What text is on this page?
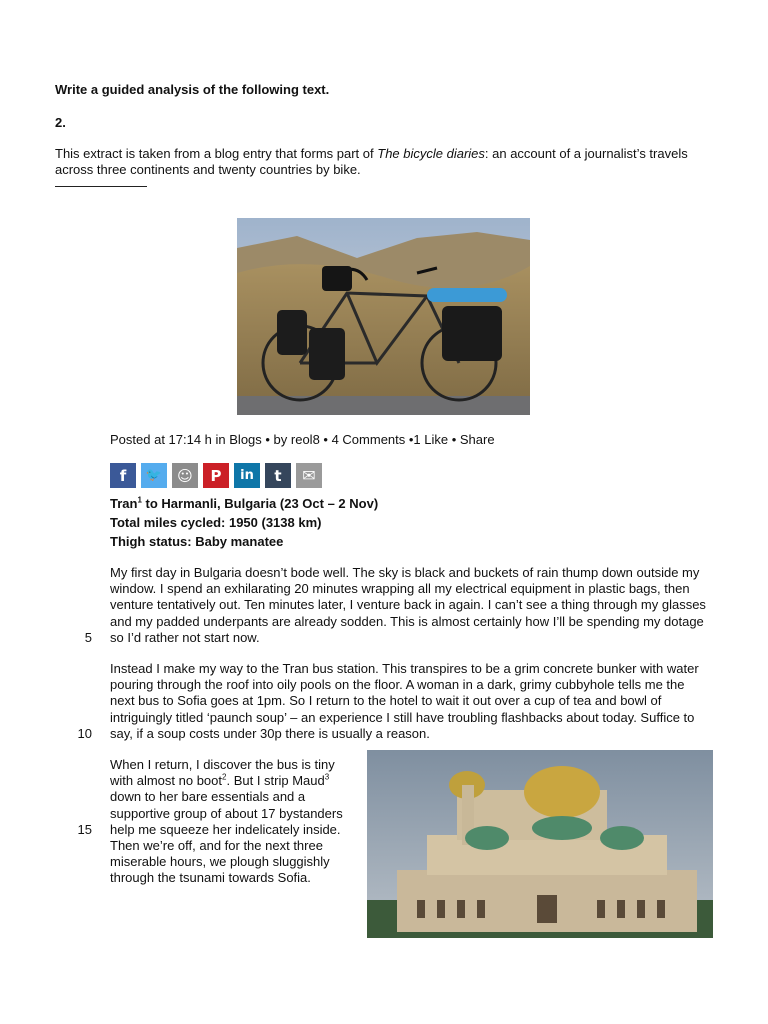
Write a guided analysis of the following text.
2.
This extract is taken from a blog entry that forms part of The bicycle diaries: an account of a journalist’s travels across three continents and twenty countries by bike.
Posted at 17:14 h in Blogs • by reol8 • 4 Comments •1 Like • Share
f	🐦	☺	P	in	t	✉
Tran$^1$ to Harmanli, Bulgaria (23 Oct – 2 Nov)
Total miles cycled: 1950 (3138 km)
Thigh status: Baby manatee
My first day in Bulgaria doesn’t bode well. The sky is black and buckets of rain thump down outside my window. I spend an exhilarating 20 minutes wrapping all my electrical equipment in plastic bags, then venture tentatively out. Ten minutes later, I venture back in again. I can’t see a thing through my glasses and my padded underpants are already sodden. This is almost certainly how I’ll be spending my dotage so I’d rather not start now.
Instead I make my way to the Tran bus station. This transpires to be a grim concrete bunker with water pouring through the roof into oily pools on the floor. A woman in a dark, grimy cubbyhole tells me the next bus to Sofia goes at 1pm. So I return to the hotel to wait it out over a cup of tea and bowl of intriguingly titled ‘paunch soup’ – an experience I still have troubling flashbacks about today. Suffice to say, if a soup costs under 30p there is usually a reason.
When I return, I discover the bus is tiny with almost no boot$^2$. But I strip Maud$^3$ down to her bare essentials and a supportive group of about 17 bystanders help me squeeze her indelicately inside. Then we’re off, and for the next three miserable hours, we plough sluggishly through the tsunami towards Sofia.
5
10
15
